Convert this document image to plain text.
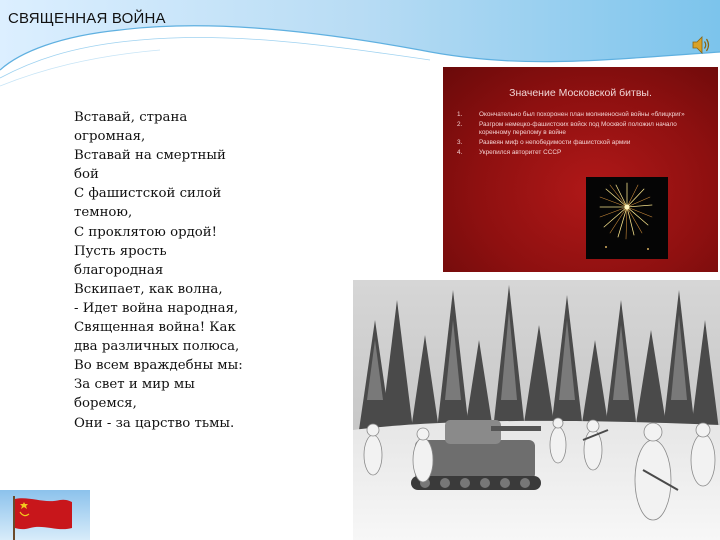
СВЯЩЕННАЯ ВОЙНА
Вставай, страна
огромная,
Вставай на смертный
бой
С фашистской силой
темною,
С проклятою ордой!
Пусть ярость
благородная
Вскипает, как волна,
- Идет война народная,
Священная война! Как
два различных полюса,
Во всем враждебны мы:
За свет и мир мы
боремся,
Они - за царство тьмы.
Значение Московской битвы.
1.	Окончательно был похоронен план молниеносной войны «блицкриг»
2.	Разгром немецко-фашистских войск под Москвой положил начало коренному перелому в войне
3.	Развеян миф о непобедимости фашистской армии
4.	Укрепился авторитет СССР
